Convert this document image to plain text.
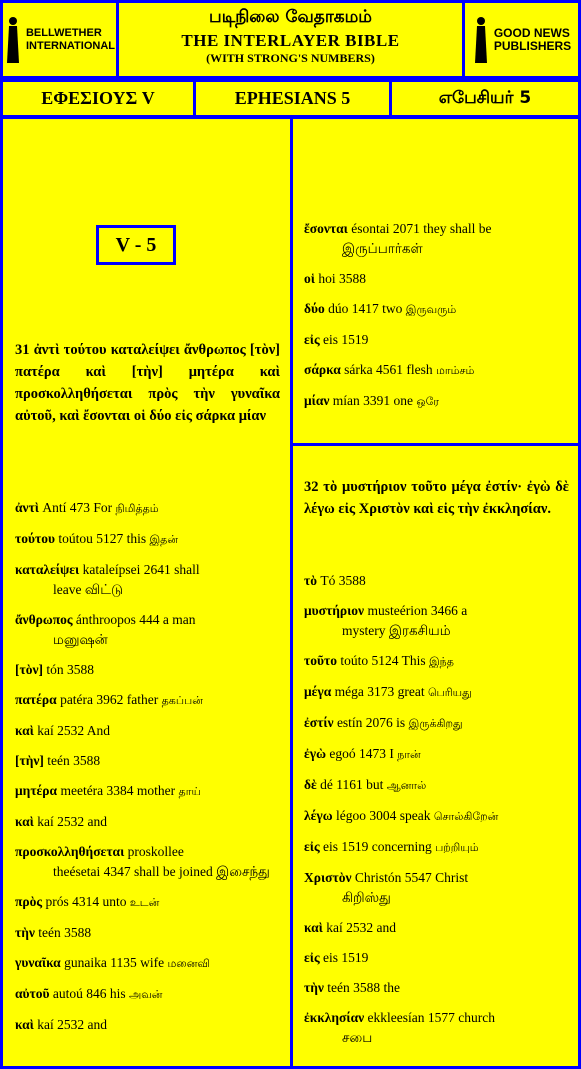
BELLWETHER
INTERNATIONAL
படிநிலை வேதாகமம்
THE INTERLAYER BIBLE
(WITH STRONG'S NUMBERS)
GOOD NEWS
PUBLISHERS
ΕΦΕΣΙΟΥΣ V	EPHESIANS 5	எபேசியர் 5
V - 5
31 ἀντὶ τούτου καταλείψει ἄνθρωπος [τὸν] πατέρα καὶ [τὴν] μητέρα καὶ προσκολληθήσεται πρὸς τὴν γυναῖκα αὐτοῦ, καὶ ἔσονται οἱ δύο εἰς σάρκα μίαν
ἀντὶ Antí 473 For நிமித்தம்
τούτου toútou 5127 this இதன்
καταλείψει kataleípsei 2641 shall
leave விட்டு
ἄνθρωπος ánthroopos 444 a man
மனுஷன்
[τὸν] tón 3588
πατέρα patéra 3962 father தகப்பன்
καὶ kaí 2532 And
[τὴν] teén 3588
μητέρα meetéra 3384 mother தாய்
καὶ kaí 2532 and
προσκολληθήσεται proskollee
theésetai 4347 shall be joined இசைந்து
πρὸς prós 4314 unto உடன்
τὴν teén 3588
γυναῖκα gunaika 1135 wife மனைவி
αὐτοῦ autoú 846 his அவன்
καὶ kaí 2532 and
ἔσονται ésontai 2071 they shall be
இருப்பார்கள்
οἱ hoi 3588
δύο dúo 1417 two இருவரும்
εἰς eis 1519
σάρκα sárka 4561 flesh மாம்சம்
μίαν mían 3391 one ஒரே
32 τὸ μυστήριον τοῦτο μέγα ἐστίν· ἐγὼ δὲ λέγω εἰς Χριστὸν καὶ εἰς τὴν ἐκκλησίαν.
τὸ Tó 3588
μυστήριον musteérion 3466 a
mystery இரகசியம்
τοῦτο toúto 5124 This இந்த
μέγα méga 3173 great பெரியது
ἐστίν estín 2076 is இருக்கிறது
ἐγὼ egoó 1473 I நான்
δὲ dé 1161 but ஆனால்
λέγω légoo 3004 speak சொல்கிறேன்
εἰς eis 1519 concerning பற்றியும்
Χριστὸν Christón 5547 Christ
கிறிஸ்து
καὶ kaí 2532 and
εἰς eis 1519
τὴν teén 3588 the
ἐκκλησίαν ekkleesían 1577 church
சபை
